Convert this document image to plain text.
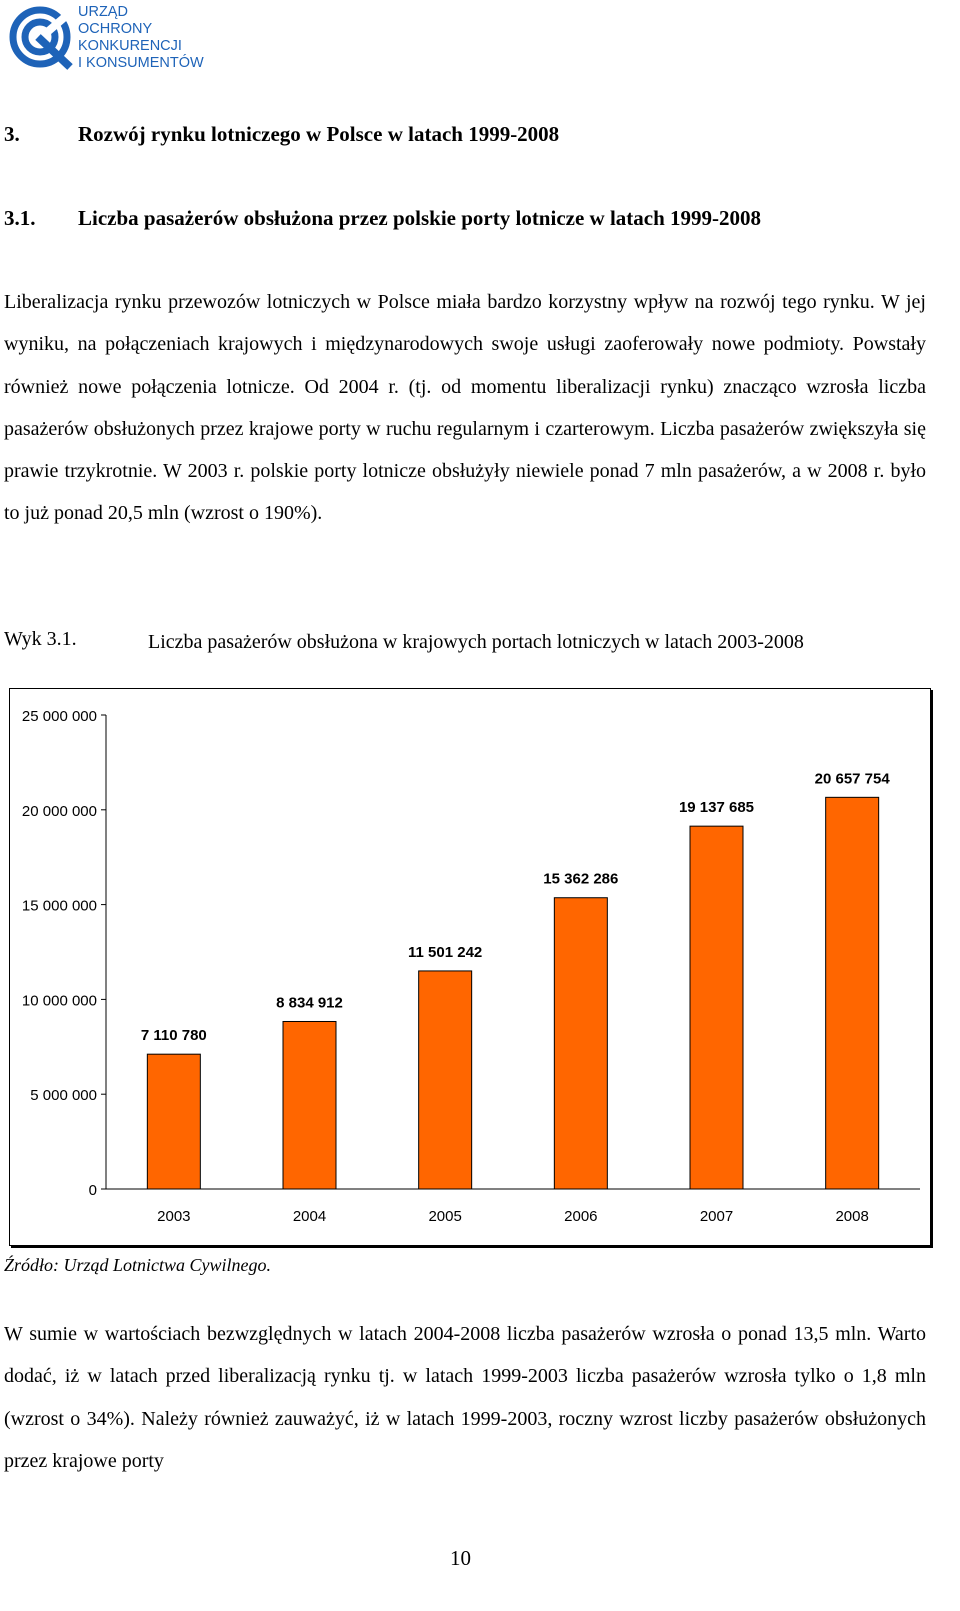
URZĄD
OCHRONY
KONKURENCJI
I KONSUMENTÓW
3.	Rozwój rynku lotniczego w Polsce w latach 1999-2008
3.1. Liczba pasażerów obsłużona przez polskie porty lotnicze w latach 1999-2008

Liberalizacja rynku przewozów lotniczych w Polsce miała bardzo korzystny wpływ na rozwój tego rynku. W jej wyniku, na połączeniach krajowych i międzynarodowych swoje usługi zaoferowały nowe podmioty. Powstały również nowe połączenia lotnicze. Od 2004 r. (tj. od momentu liberalizacji rynku) znacząco wzrosła liczba pasażerów obsłużonych przez krajowe porty w ruchu regularnym i czarterowym. Liczba pasażerów zwiększyła się prawie trzykrotnie. W 2003 r. polskie porty lotnicze obsłużyły niewiele ponad 7 mln pasażerów, a w 2008 r. było to już ponad 20,5 mln (wzrost o 190%).

Wyk 3.1.	Liczba pasażerów obsłużona w krajowych portach lotniczych w latach 2003-2008

0
5 000 000
10 000 000
15 000 000
20 000 000
25 000 000
7 110 780
2003
8 834 912
2004
11 501 242
2005
15 362 286
2006
19 137 685
2007
20 657 754
2008
Źródło: Urząd Lotnictwa Cywilnego.

W sumie w wartościach bezwzględnych w latach 2004-2008 liczba pasażerów wzrosła o ponad 13,5 mln. Warto dodać, iż w latach przed liberalizacją rynku tj. w latach 1999-2003 liczba pasażerów wzrosła tylko o 1,8 mln (wzrost o 34%). Należy również zauważyć, iż w latach 1999-2003, roczny wzrost liczby pasażerów obsłużonych przez krajowe porty

10
